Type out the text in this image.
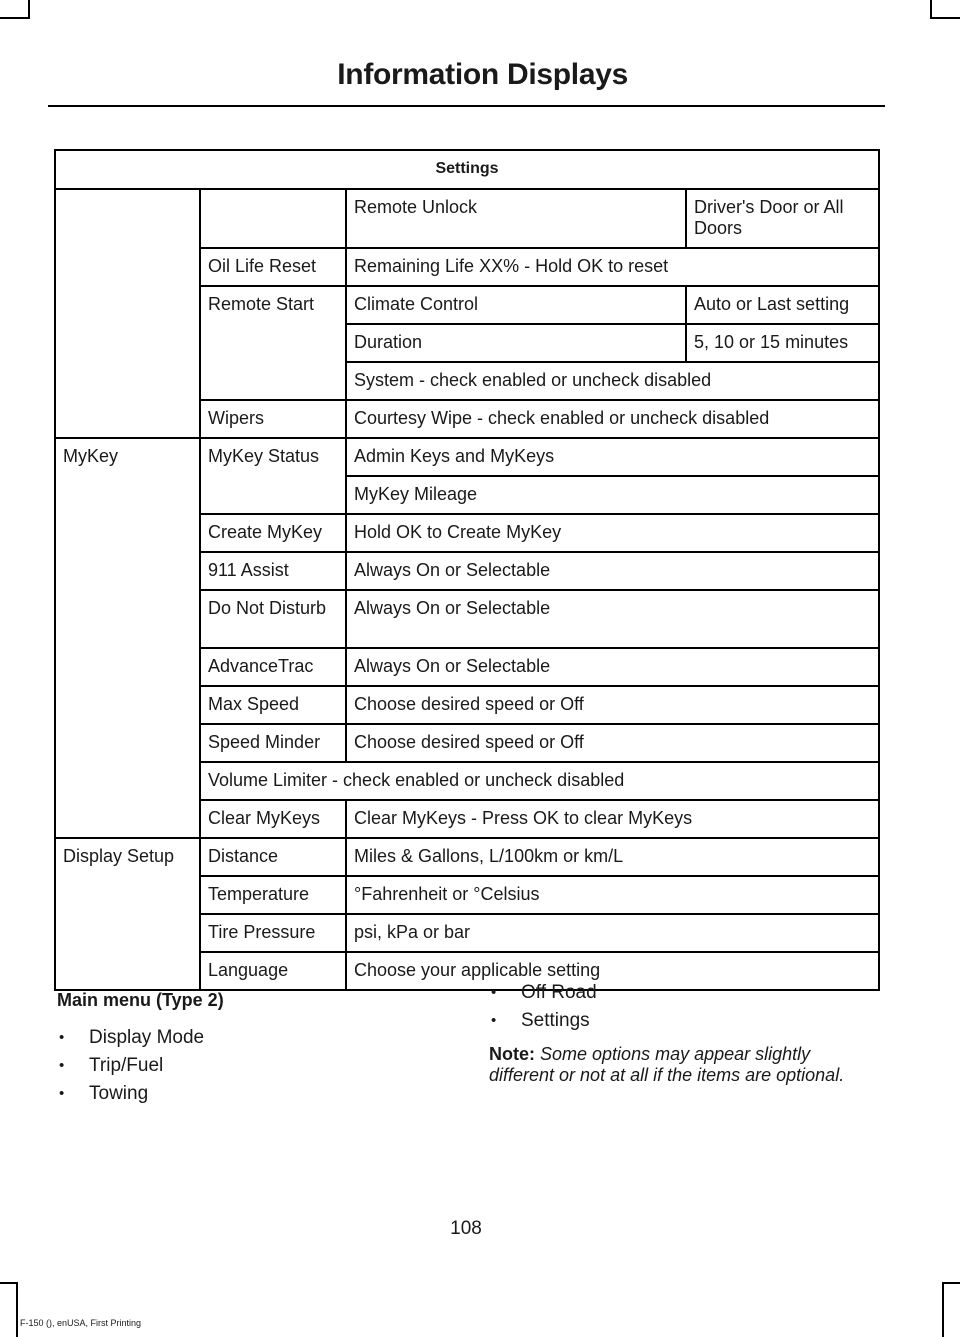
Information Displays
Settings			
		Remote Unlock	Driver's Door or All Doors
	Oil Life Reset	Remaining Life XX% - Hold OK to reset	
	Remote Start	Climate Control	Auto or Last setting
		Duration	5, 10 or 15 minutes
		System - check enabled or uncheck disabled	
	Wipers	Courtesy Wipe - check enabled or uncheck disabled	

MyKey	MyKey Status	Admin Keys and MyKeys	
		MyKey Mileage	
	Create MyKey	Hold OK to Create MyKey	
	911 Assist	Always On or Selectable	
	Do Not Disturb	Always On or Selectable	
	AdvanceTrac	Always On or Selectable	
	Max Speed	Choose desired speed or Off	
	Speed Minder	Choose desired speed or Off	
	Volume Limiter - check enabled or uncheck disabled		
	Clear MyKeys	Clear MyKeys - Press OK to clear MyKeys	

Display Setup	Distance	Miles & Gallons, L/100km or km/L	
	Temperature	°Fahrenheit or °Celsius	
	Tire Pressure	psi, kPa or bar	
	Language	Choose your applicable setting	
Main menu (Type 2)
• Display Mode
• Trip/Fuel
• Towing
• Off Road
• Settings
Note: Some options may appear slightly different or not at all if the items are optional.
108
F-150 (), enUSA, First Printing
